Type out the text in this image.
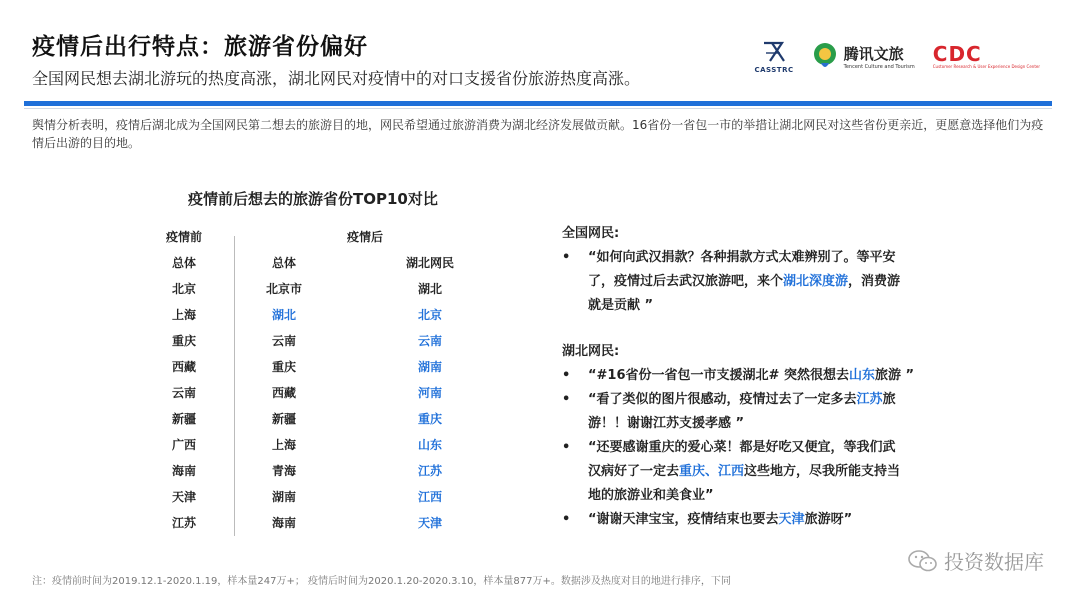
疫情后出行特点：旅游省份偏好
全国网民想去湖北游玩的热度高涨，湖北网民对疫情中的对口支援省份旅游热度高涨。	CASSTRC
腾讯文旅
Tencent Culture and Tourism
CDC
Customer Research & User Experience Design Center
舆情分析表明，疫情后湖北成为全国网民第二想去的旅游目的地，网民希望通过旅游消费为湖北经济发展做贡献。16省份一省包一市的举措让湖北网民对这些省份更亲近，更愿意选择他们为疫情后出游的目的地。
疫情前后想去的旅游省份TOP10对比
疫情前	疫情后
总体	总体	湖北网民
北京	北京市	湖北
上海	湖北	北京
重庆	云南	云南
西藏	重庆	湖南
云南	西藏	河南
新疆	新疆	重庆
广西	上海	山东
海南	青海	江苏
天津	湖南	江西
江苏	海南	天津
全国网民:
• “如何向武汉捐款？各种捐款方式太难辨别了。等平安
了，疫情过后去武汉旅游吧，来个湖北深度游，消费游
就是贡献 ”
湖北网民:
• “#16省份一省包一市支援湖北# 突然很想去山东旅游 ”
• “看了类似的图片很感动，疫情过去了一定多去江苏旅
游！！谢谢江苏支援孝感 ”
• “还要感谢重庆的爱心菜！都是好吃又便宜，等我们武
汉病好了一定去重庆、江西这些地方，尽我所能支持当
地的旅游业和美食业”
• “谢谢天津宝宝，疫情结束也要去天津旅游呀”
注：疫情前时间为2019.12.1-2020.1.19，样本量247万+； 疫情后时间为2020.1.20-2020.3.10，样本量877万+。数据涉及热度对目的地进行排序，下同
投资数据库
